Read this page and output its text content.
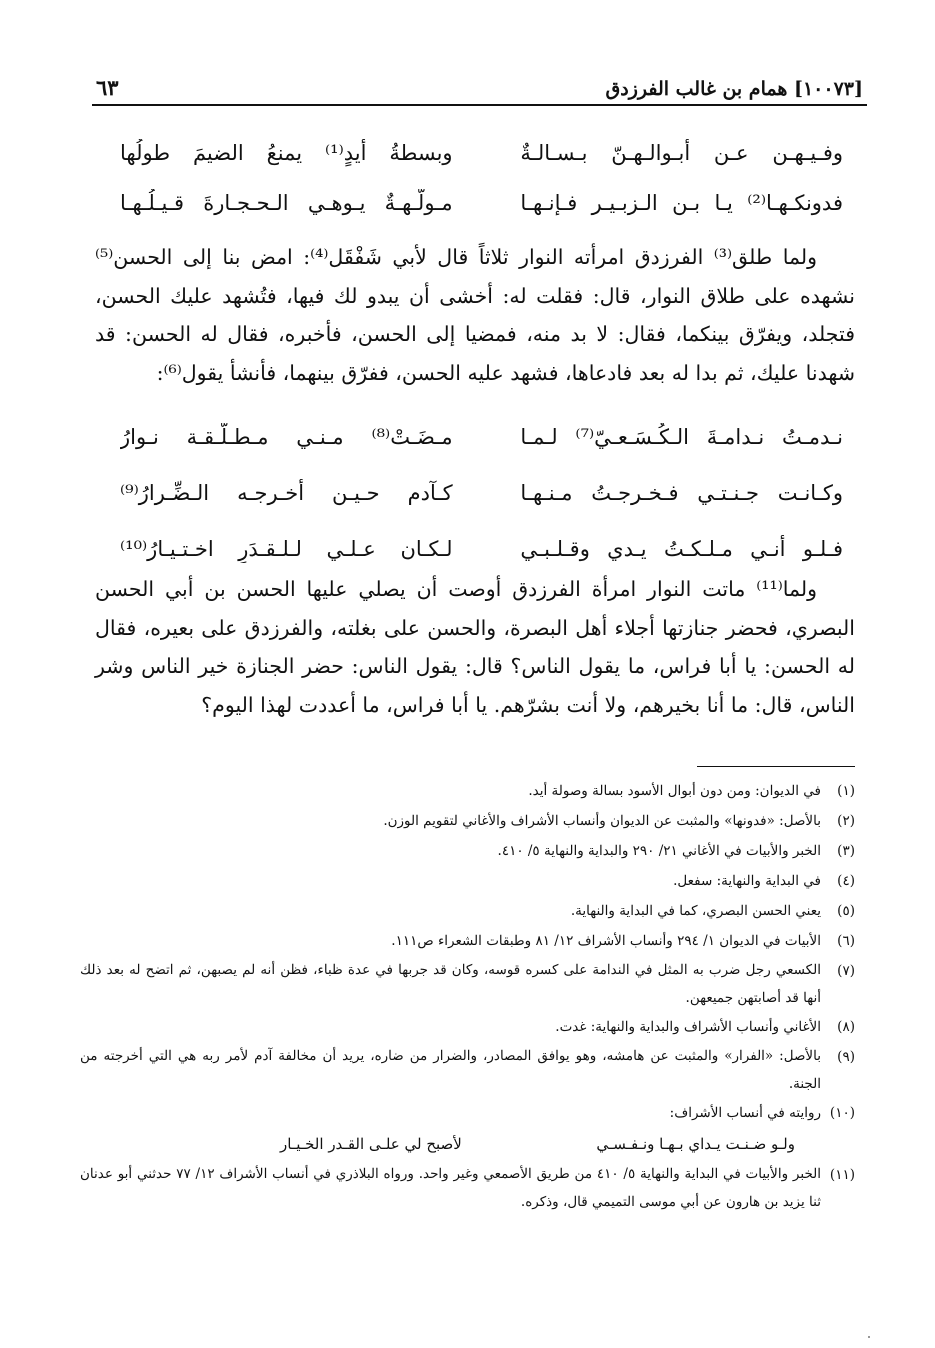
[١٠٠٧٣] همام بن غالب الفرزدق
٦٣
وفـيـهـن عـن أبـوالـهـنّ بـسـالـةٌ
وبسطةُ أيدٍ⁽¹⁾ يمنعُ الضيمَ طولُها
فدونكـهـا⁽²⁾ يـا بـن الـزبـيـر فـإنـهـا
مـولّـهـةٌ يـوهـي الـحـجـارةَ قـيـلُـهـا

ولما طلق⁽³⁾ الفرزدق امرأته النوار ثلاثاً قال لأبي شَفْقَل⁽⁴⁾: امض بنا إلى الحسن⁽⁵⁾ نشهده على طلاق النوار، قال: فقلت له: أخشى أن يبدو لك فيها، فتُشهد عليك الحسن، فتجلد، ويفرّق بينكما، فقال: لا بد منه، فمضيا إلى الحسن، فأخبره، فقال له الحسن: قد شهدنا عليك، ثم بدا له بعد فادعاها، فشهد عليه الحسن، ففرّق بينهما، فأنشأ يقول⁽⁶⁾:

نـدمـتُ نـدامـةَ الـكُـسَـعـيّ⁽⁷⁾ لـمـا
مـضَـتْ⁽⁸⁾ مـنـي مـطـلَّـقـة نـوارُ
وكـانـت جـنـتـي فـخـرجـتُ مـنـهـا
كـآدم حـيـن أخـرجـه الـضِّـرارُ⁽⁹⁾
فـلـو أنـي مـلـكـتُ يـدي وقـلـبـي
لـكـان عـلـي لـلـقـدَرِ اخـتـيـارُ⁽¹⁰⁾

ولما⁽¹¹⁾ ماتت النوار امرأة الفرزدق أوصت أن يصلي عليها الحسن بن أبي الحسن البصري، فحضر جنازتها أجلاء أهل البصرة، والحسن على بغلته، والفرزدق على بعيره، فقال له الحسن: يا أبا فراس، ما يقول الناس؟ قال: يقول الناس: حضر الجنازة خير الناس وشر الناس، قال: ما أنا بخيرهم، ولا أنت بشرّهم. يا أبا فراس، ما أعددت لهذا اليوم؟

(١)
في الديوان: ومن دون أبوال الأسود بسالة وصولة أيد.
(٢)
بالأصل: «فدونها» والمثبت عن الديوان وأنساب الأشراف والأغاني لتقويم الوزن.
(٣)
الخبر والأبيات في الأغاني ٢١/ ٢٩٠ والبداية والنهاية ٥/ ٤١٠.
(٤)
في البداية والنهاية: سفعل.
(٥)
يعني الحسن البصري، كما في البداية والنهاية.
(٦)
الأبيات في الديوان ١/ ٢٩٤ وأنساب الأشراف ١٢/ ٨١ وطبقات الشعراء ص١١١.
(٧)
الكسعي رجل ضرب به المثل في الندامة على كسره قوسه، وكان قد جربها في عدة ظباء، فظن أنه لم يصبهن، ثم اتضح له بعد ذلك أنها قد أصابتهن جميعهن.
(٨)
الأغاني وأنساب الأشراف والبداية والنهاية: غدت.
(٩)
بالأصل: «الفرار» والمثبت عن هامشه، وهو يوافق المصادر، والضرار من ضاره، يريد أن مخالفة آدم لأمر ربه هي التي أخرجته من الجنة.
(١٠)
روايته في أنساب الأشراف:
ولـو ضـنـت يـداي بـهـا ونـفـسـي
لأصبح لي علـى القـدر الخـيـار
(١١)
الخبر والأبيات في البداية والنهاية ٥/ ٤١٠ من طريق الأصمعي وغير واحد. ورواه البلاذري في أنساب الأشراف ١٢/ ٧٧ حدثني أبو عدنان ثنا يزيد بن هارون عن أبي موسى التميمي قال، وذكره.
